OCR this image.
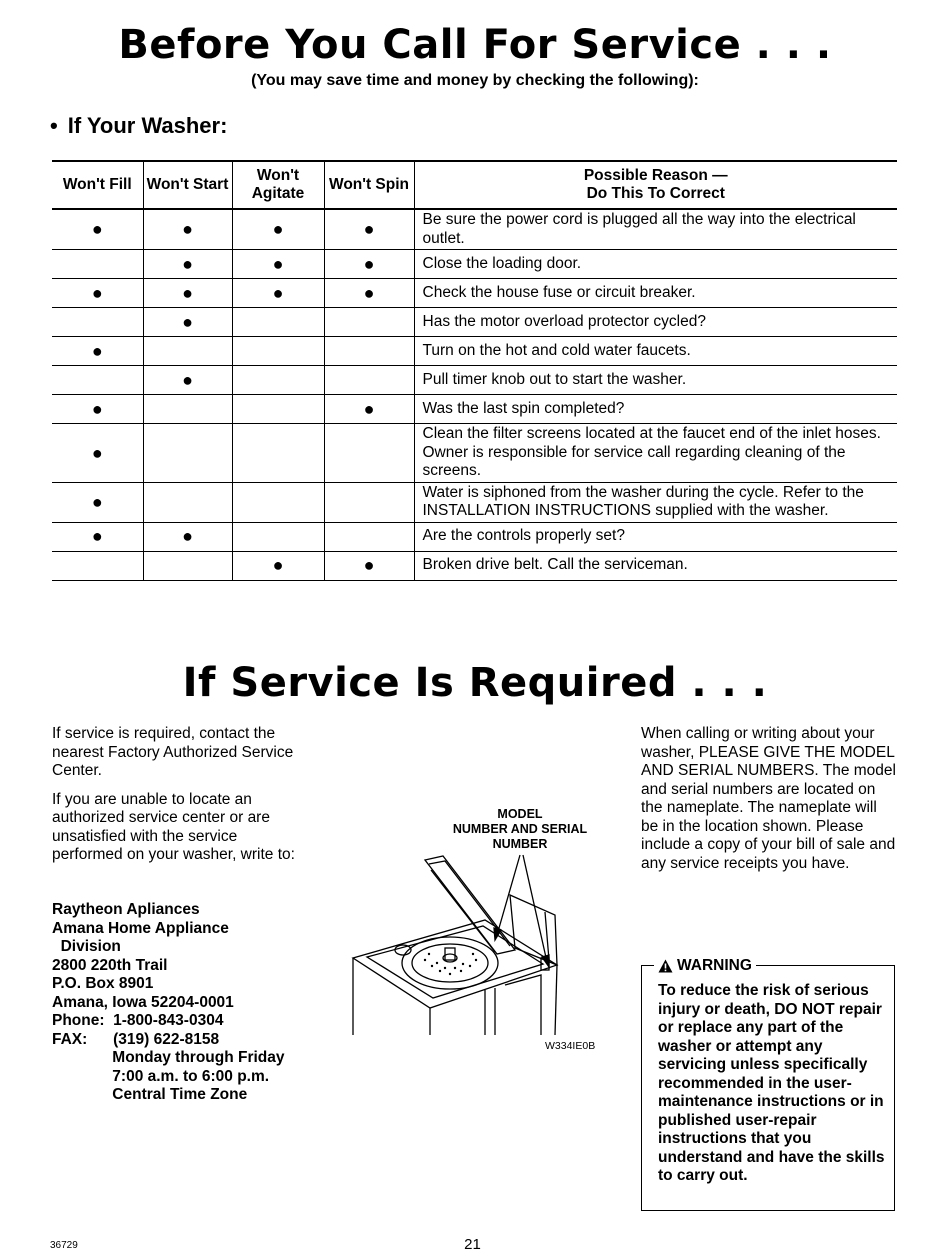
Before You Call For Service . . .
(You may save time and money by checking the following):
• If Your Washer:
Won't Fill	Won't Start	Won't Agitate	Won't Spin	Possible Reason —
Do This To Correct

●	●	●	●	Be sure the power cord is plugged all the way into the electrical outlet.
	●	●	●	Close the loading door.
●	●	●	●	Check the house fuse or circuit breaker.
	●			Has the motor overload protector cycled?
●				Turn on the hot and cold water faucets.
	●			Pull timer knob out to start the washer.
●			●	Was the last spin completed?
●				Clean the filter screens located at the faucet end of the inlet hoses. Owner is responsible for service call regarding cleaning of the screens.
●				Water is siphoned from the washer during the cycle. Refer to the INSTALLATION INSTRUCTIONS supplied with the washer.
●	●			Are the controls properly set?
		●	●	Broken drive belt. Call the serviceman.
If Service Is Required . . .

If service is required, contact the nearest Factory Authorized Service Center.

If you are unable to locate an authorized service center or are unsatisfied with the service performed on your washer, write to:

Raytheon Apliances
Amana Home Appliance
Division
2800 220th Trail
P.O. Box 8901
Amana, Iowa 52204-0001
Phone:  1-800-843-0304
FAX:      (319) 622-8158
Monday through Friday
7:00 a.m. to 6:00 p.m.
Central Time Zone
MODEL
NUMBER AND SERIAL
NUMBER
W334IE0B
When calling or writing about your washer, PLEASE GIVE THE MODEL AND SERIAL NUMBERS. The model and serial numbers are located on the nameplate. The nameplate will be in the location shown. Please include a copy of your bill of sale and any service receipts you have.
WARNING
To reduce the risk of serious injury or death, DO NOT repair or replace any part of the washer or attempt any servicing unless specifically recommended in the user-maintenance instructions or in published user-repair instructions that you understand and have the skills to carry out.
36729	21
